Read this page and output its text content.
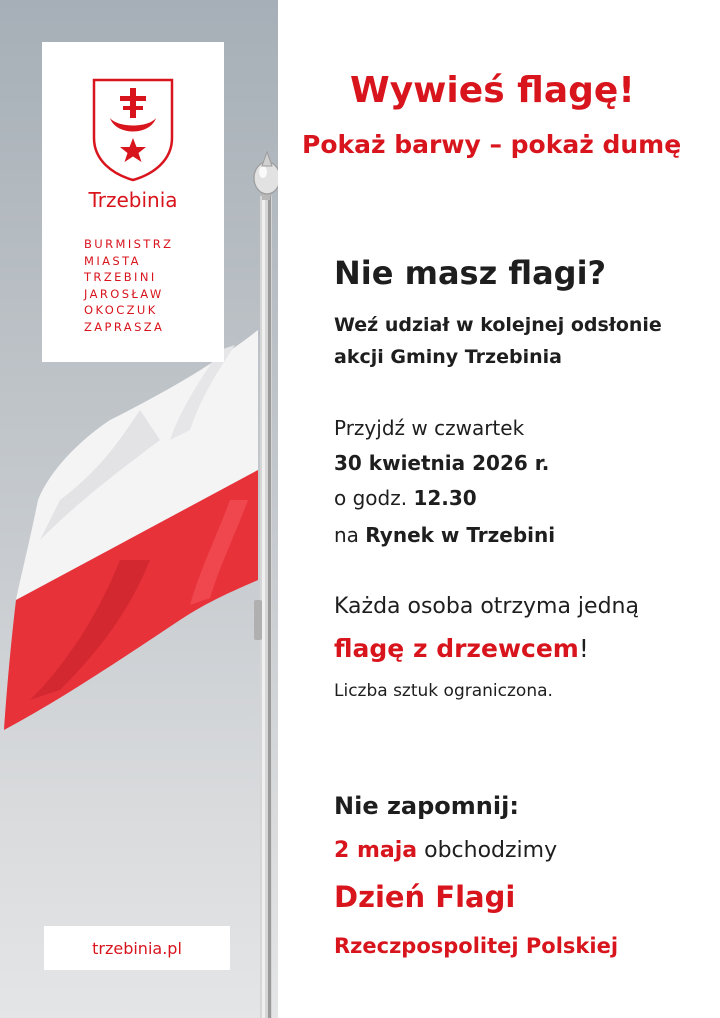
Trzebinia
BURMISTRZ
MIASTA
TRZEBINI
JAROSŁAW
OKOCZUK
ZAPRASZA
trzebinia.pl
Wywieś flagę!
Pokaż barwy – pokaż dumę
Nie masz flagi?
Weź udział w kolejnej odsłonie
akcji Gminy Trzebinia
Przyjdź w czwartek
30 kwietnia 2026 r.
o godz. 12.30
na Rynek w Trzebini
Każda osoba otrzyma jedną
flagę z drzewcem!
Liczba sztuk ograniczona.
Nie zapomnij:
2 maja obchodzimy
Dzień Flagi
Rzeczpospolitej Polskiej
